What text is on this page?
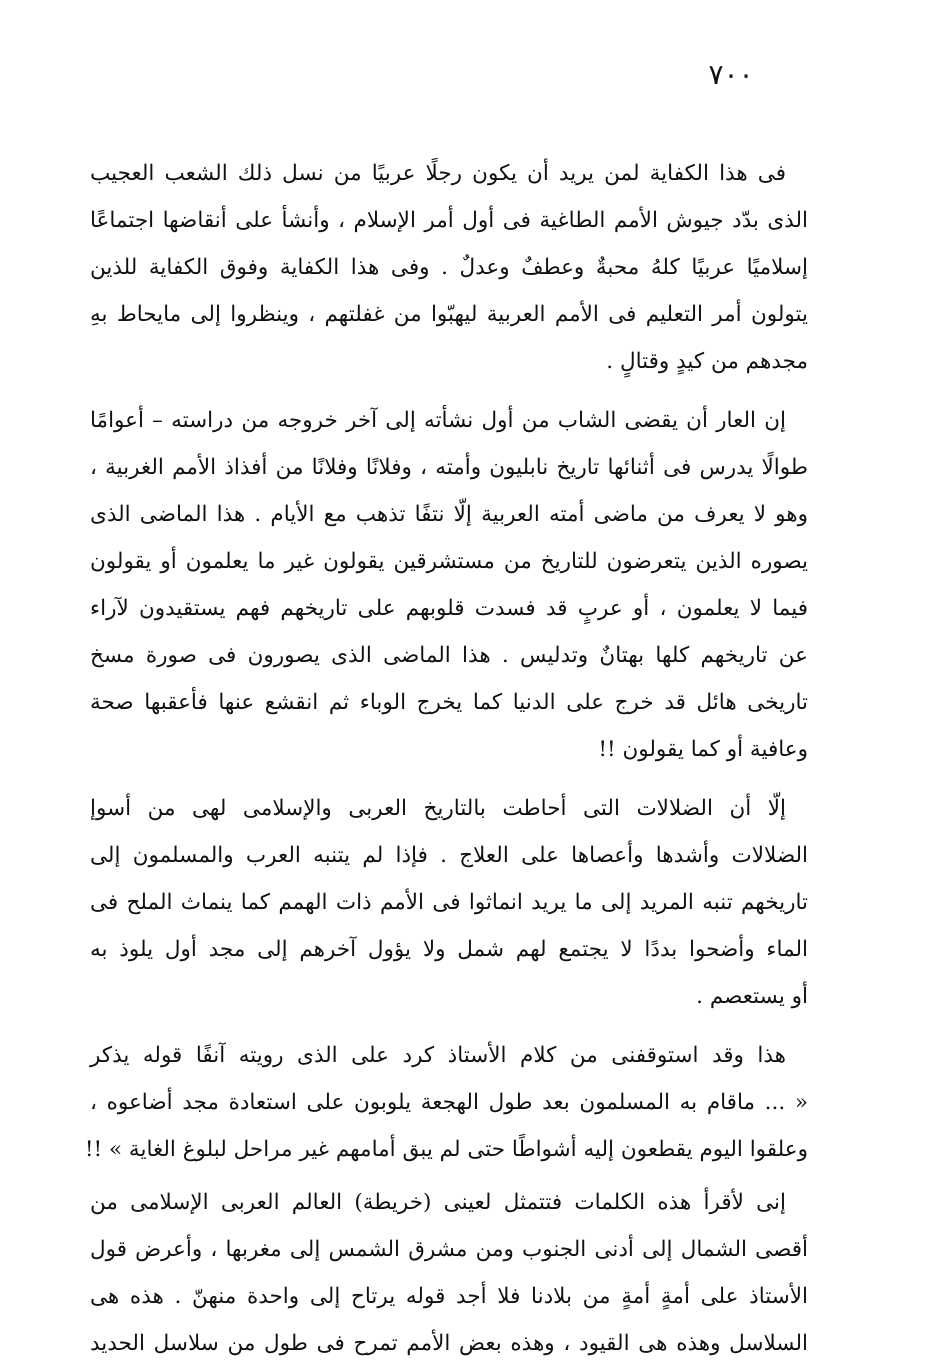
٧٠٠

فى هذا الكفاية لمن يريد أن يكون رجلًا عربيًا من نسل ذلك الشعب العجيب
الذى بدّد جيوش الأمم الطاغية فى أول أمر الإسلام ، وأنشأ على أنقاضها اجتماعًا
إسلاميًا عربيًا كلهُ محبةٌ وعطفٌ وعدلٌ . وفى هذا الكفاية وفوق الكفاية للذين
يتولون أمر التعليم فى الأمم العربية ليهبّوا من غفلتهم ، وينظروا إلى مايحاط بهِ
مجدهم من كيدٍ وقتالٍ .

إن العار أن يقضى الشاب من أول نشأته إلى آخر خروجه من دراسته – أعوامًا
طوالًا يدرس فى أثنائها تاريخ نابليون وأمته ، وفلانًا وفلانًا من أفذاذ الأمم الغربية ،
وهو لا يعرف من ماضى أمته العربية إلّا نتفًا تذهب مع الأيام . هذا الماضى الذى
يصوره الذين يتعرضون للتاريخ من مستشرقين يقولون غير ما يعلمون أو يقولون
فيما لا يعلمون ، أو عربٍ قد فسدت قلوبهم على تاريخهم فهم يستقيدون لآراء
عن تاريخهم كلها بهتانٌ وتدليس . هذا الماضى الذى يصورون فى صورة مسخ
تاريخى هائل قد خرج على الدنيا كما يخرج الوباء ثم انقشع عنها فأعقبها صحة
وعافية أو كما يقولون !!

إلّا أن الضلالات التى أحاطت بالتاريخ العربى والإسلامى لهى من أسوإ
الضلالات وأشدها وأعصاها على العلاج . فإذا لم يتنبه العرب والمسلمون إلى
تاريخهم تنبه المريد إلى ما يريد انماثوا فى الأمم ذات الهمم كما ينماث الملح فى
الماء وأضحوا بددًا لا يجتمع لهم شمل ولا يؤول آخرهم إلى مجد أول يلوذ به
أو يستعصم .

هذا وقد استوقفنى من كلام الأستاذ كرد على الذى رويته آنفًا قوله يذكر
« ... ماقام به المسلمون بعد طول الهجعة يلوبون على استعادة مجد أضاعوه ،
وعلقوا اليوم يقطعون إليه أشواطًا حتى لم يبق أمامهم غير مراحل لبلوغ الغاية » !!

إنى لأقرأ هذه الكلمات فتتمثل لعينى (خريطة) العالم العربى الإسلامى من
أقصى الشمال إلى أدنى الجنوب ومن مشرق الشمس إلى مغربها ، وأعرض قول
الأستاذ على أمةٍ أمةٍ من بلادنا فلا أجد قوله يرتاح إلى واحدة منهنّ . هذه هى
السلاسل وهذه هى القيود ، وهذه بعض الأمم تمرح فى طول من سلاسل الحديد
